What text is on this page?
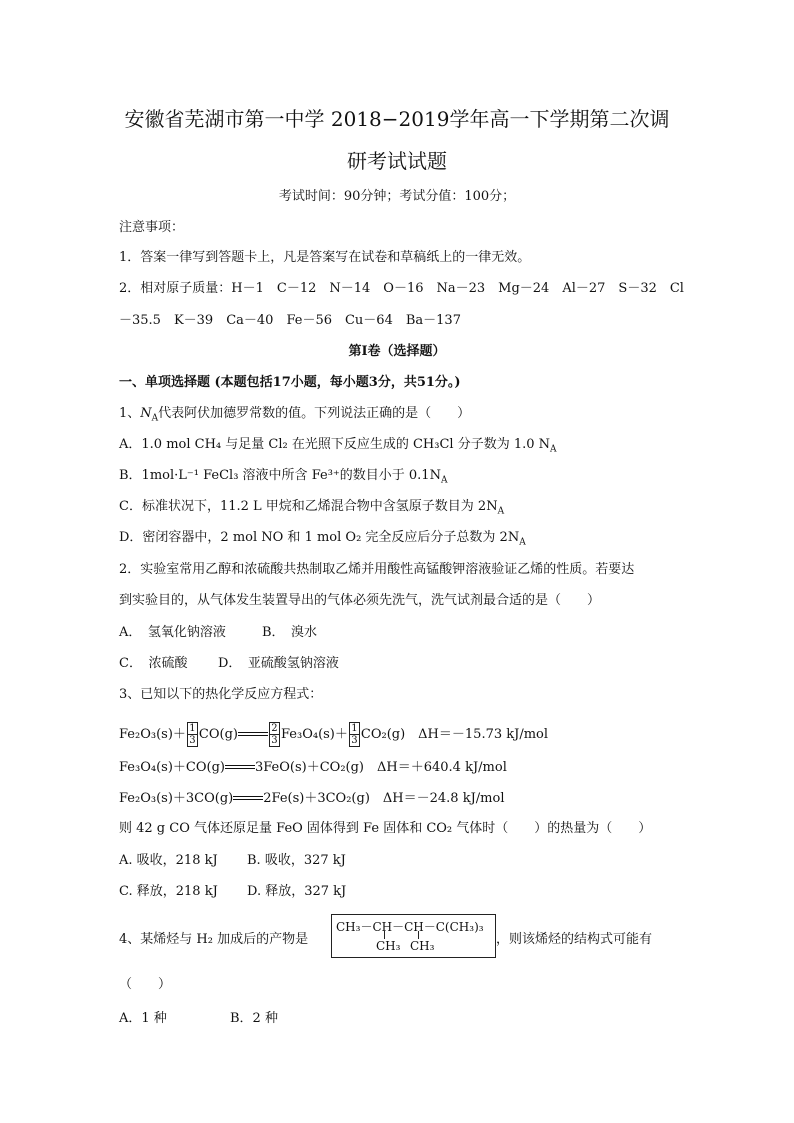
安徽省芜湖市第一中学 2018−2019学年高一下学期第二次调
研考试试题
考试时间：90分钟；考试分值：100分；
注意事项：
1．答案一律写到答题卡上，凡是答案写在试卷和草稿纸上的一律无效。
2．相对原子质量：H－1　C－12　N－14　O－16　Na－23　Mg－24　Al－27　S－32　Cl
－35.5　K－39　Ca－40　Fe－56　Cu－64　Ba－137
第Ⅰ卷（选择题）
一、单项选择题 (本题包括17小题，每小题3分，共51分。)
1、$N_A$代表阿伏加德罗常数的值。下列说法正确的是（　　）
A．1.0 mol CH₄ 与足量 Cl₂ 在光照下反应生成的 CH₃Cl 分子数为 1.0 $N_A$
B．1mol·L⁻¹ FeCl₃ 溶液中所含 Fe³⁺的数目小于 $0.1N_A$
C．标准状况下，11.2 L 甲烷和乙烯混合物中含氢原子数目为 $2N_A$
D．密闭容器中，2 mol NO 和 1 mol O₂ 完全反应后分子总数为 $2N_A$
2．实验室常用乙醇和浓硫酸共热制取乙烯并用酸性高锰酸钾溶液验证乙烯的性质。若要达
到实验目的，从气体发生装置导出的气体必须先洗气，洗气试剂最合适的是（　　）
A．　氢氧化钠溶液	B．　溴水
C．　浓硫酸 D．　亚硫酸氢钠溶液
3、已知以下的热化学反应方程式：
$Fe_2O_3(s)+ \frac{1}{3} CO(g)$	$\frac{2}{3} Fe_3O_4(s)+ \frac{1}{3} CO_2(g)$　ΔH＝－15.73 kJ/mol
Fe₃O₄(s)＋CO(g) 3FeO(s)＋CO₂(g)　ΔH＝＋640.4 kJ/mol
Fe₂O₃(s)＋3CO(g) 2Fe(s)＋3CO₂(g)　ΔH＝－24.8 kJ/mol
则 42 g CO 气体还原足量 FeO 固体得到 Fe 固体和 CO₂ 气体时（　　）的热量为（　　）
A. 吸收，218 kJ B. 吸收，327 kJ
C. 释放，218 kJ D. 释放，327 kJ
4、某烯烃与 H₂ 加成后的产物是
CH₃－CH－CH－C(CH₃)₃
CH₃ CH₃	，则该烯烃的结构式可能有
（　　）
A．1 种	B．2 种
